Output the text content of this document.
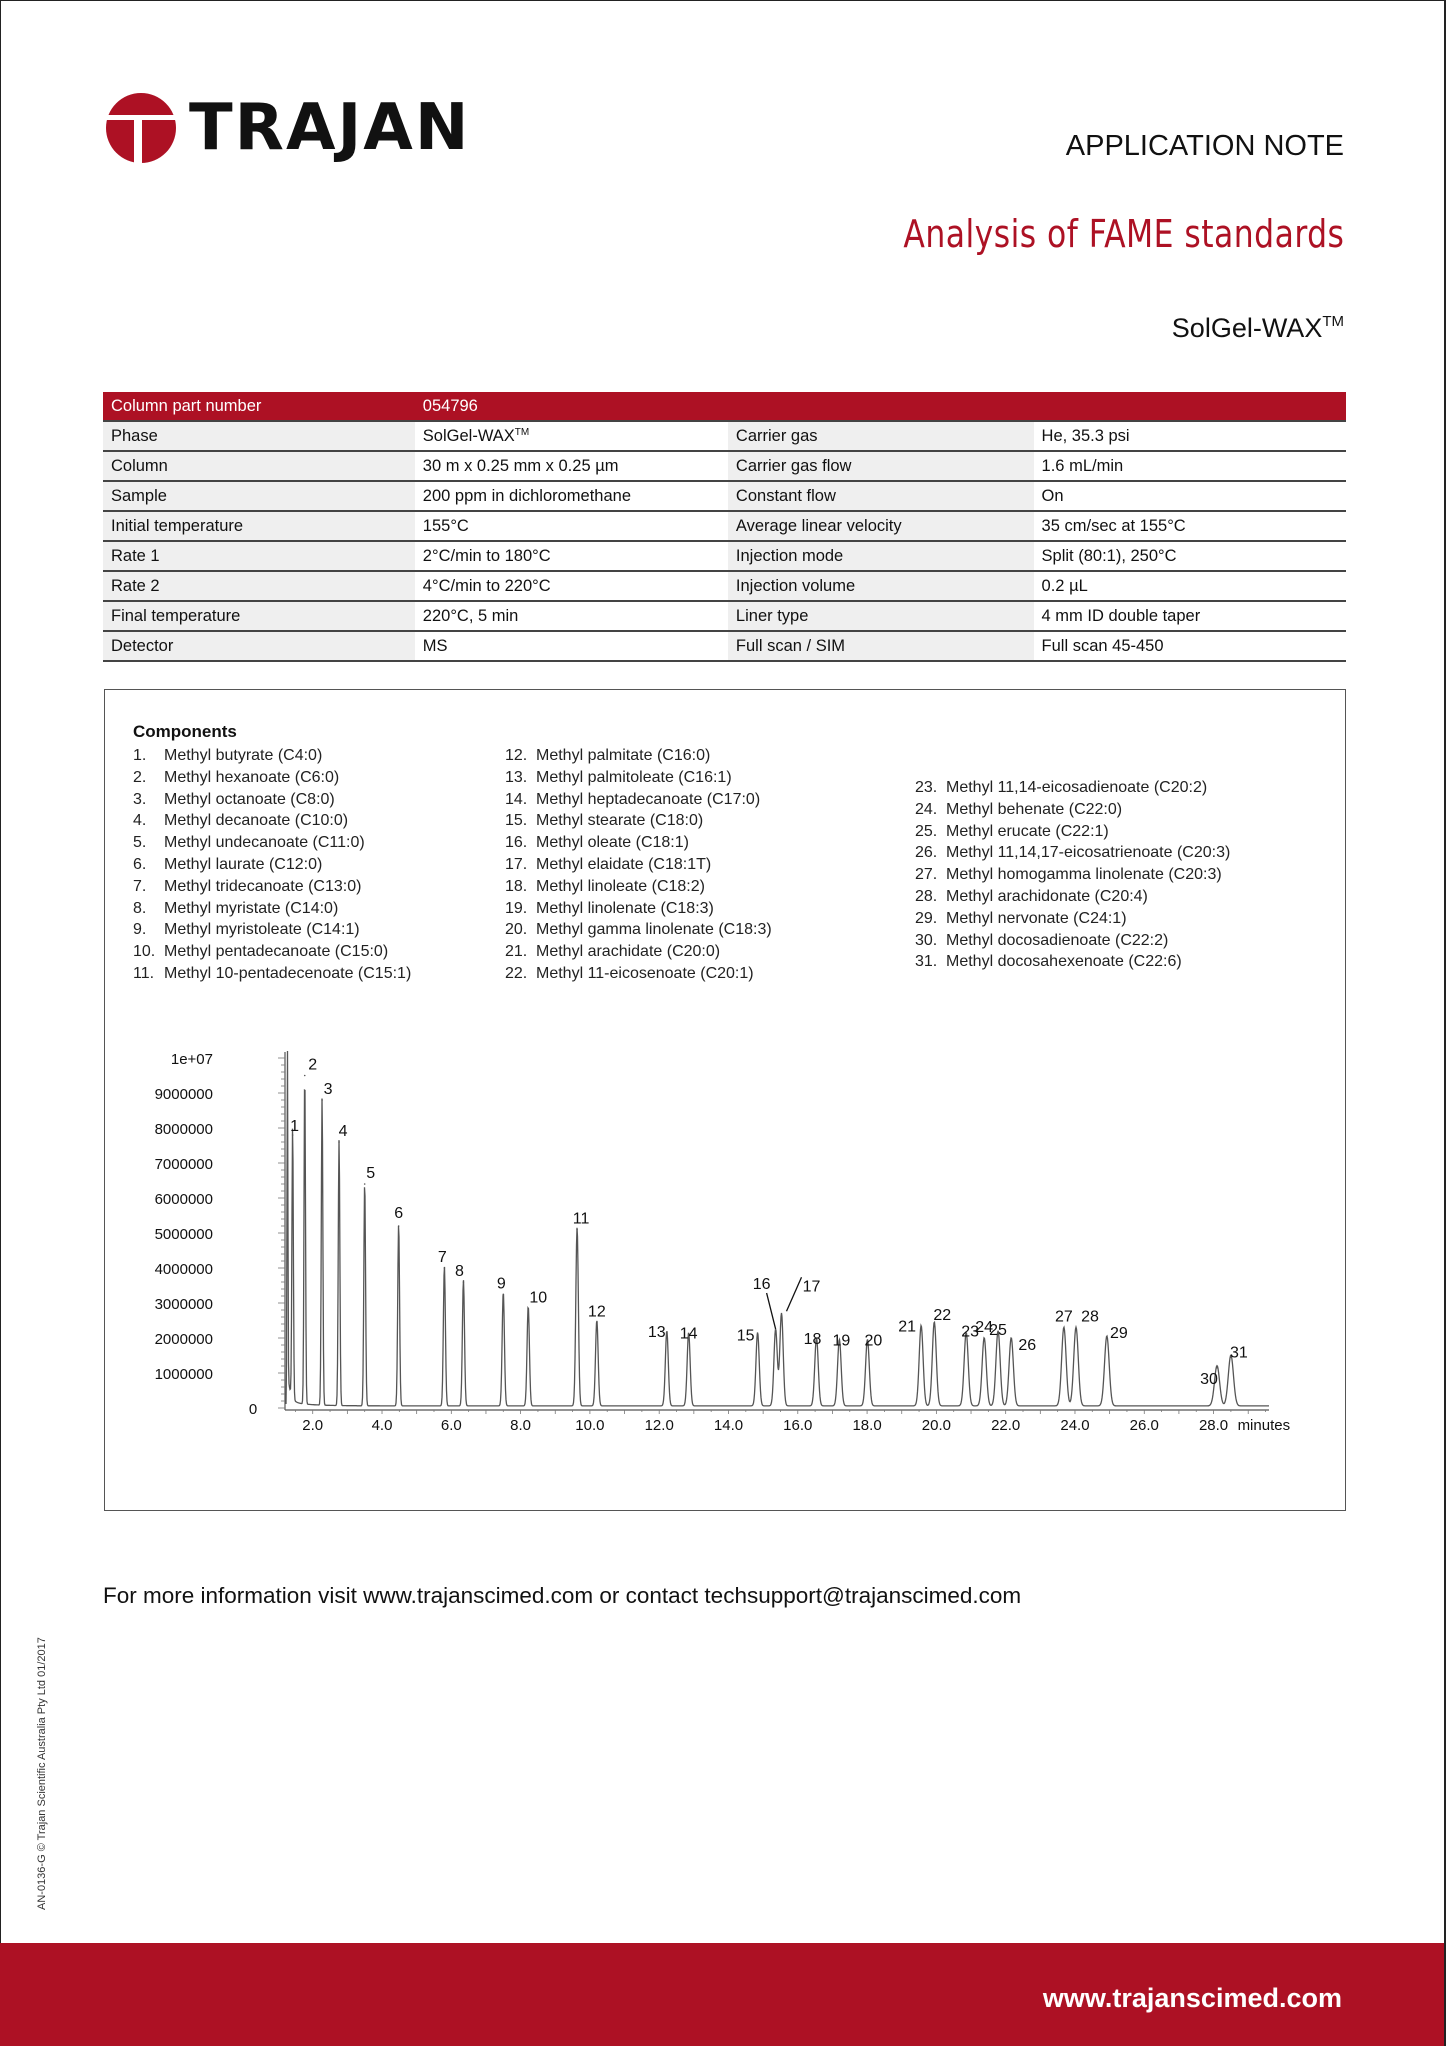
TRAJAN	APPLICATION NOTE
Analysis of FAME standards
SolGel-WAX™
Column part number	054796		
Phase	SolGel-WAX™	Carrier gas	He, 35.3 psi
Column	30 m x 0.25 mm x 0.25 µm	Carrier gas flow	1.6 mL/min
Sample	200 ppm in dichloromethane	Constant flow	On
Initial temperature	155°C	Average linear velocity	35 cm/sec at 155°C
Rate 1	2°C/min to 180°C	Injection mode	Split (80:1), 250°C
Rate 2	4°C/min to 220°C	Injection volume	0.2 µL
Final temperature	220°C, 5 min	Liner type	4 mm ID double taper
Detector	MS	Full scan / SIM	Full scan 45-450
Components
1. Methyl butyrate (C4:0)
2. Methyl hexanoate (C6:0)
3. Methyl octanoate (C8:0)
4. Methyl decanoate (C10:0)
5. Methyl undecanoate (C11:0)
6. Methyl laurate (C12:0)
7. Methyl tridecanoate (C13:0)
8. Methyl myristate (C14:0)
9. Methyl myristoleate (C14:1)
10. Methyl pentadecanoate (C15:0)
11. Methyl 10-pentadecenoate (C15:1)
12. Methyl palmitate (C16:0)
13. Methyl palmitoleate (C16:1)
14. Methyl heptadecanoate (C17:0)
15. Methyl stearate (C18:0)
16. Methyl oleate (C18:1)
17. Methyl elaidate (C18:1T)
18. Methyl linoleate (C18:2)
19. Methyl linolenate (C18:3)
20. Methyl gamma linolenate (C18:3)
21. Methyl arachidate (C20:0)
22. Methyl 11-eicosenoate (C20:1)
23. Methyl 11,14-eicosadienoate (C20:2)
24. Methyl behenate (C22:0)
25. Methyl erucate (C22:1)
26. Methyl 11,14,17-eicosatrienoate (C20:3)
27. Methyl homogamma linolenate (C20:3)
28. Methyl arachidonate (C20:4)
29. Methyl nervonate (C24:1)
30. Methyl docosadienoate (C22:2)
31. Methyl docosahexenoate (C22:6)
0
1000000
2000000
3000000
4000000
5000000
6000000
7000000
8000000
9000000
1e+07
2.0	4.0	6.0	8.0	10.0	12.0	14.0	16.0	18.0	20.0	22.0	24.0	26.0	28.0 minutes
1
2
3
4
5
6
7
8
9
10
11
12
13 14 15
16 17
18 19 20
21
22
23
24
25
26
27 28
29
30
31
For more information visit www.trajanscimed.com or contact techsupport@trajanscimed.com
AN-0136-G © Trajan Scientific Australia Pty Ltd 01/2017
www.trajanscimed.com
